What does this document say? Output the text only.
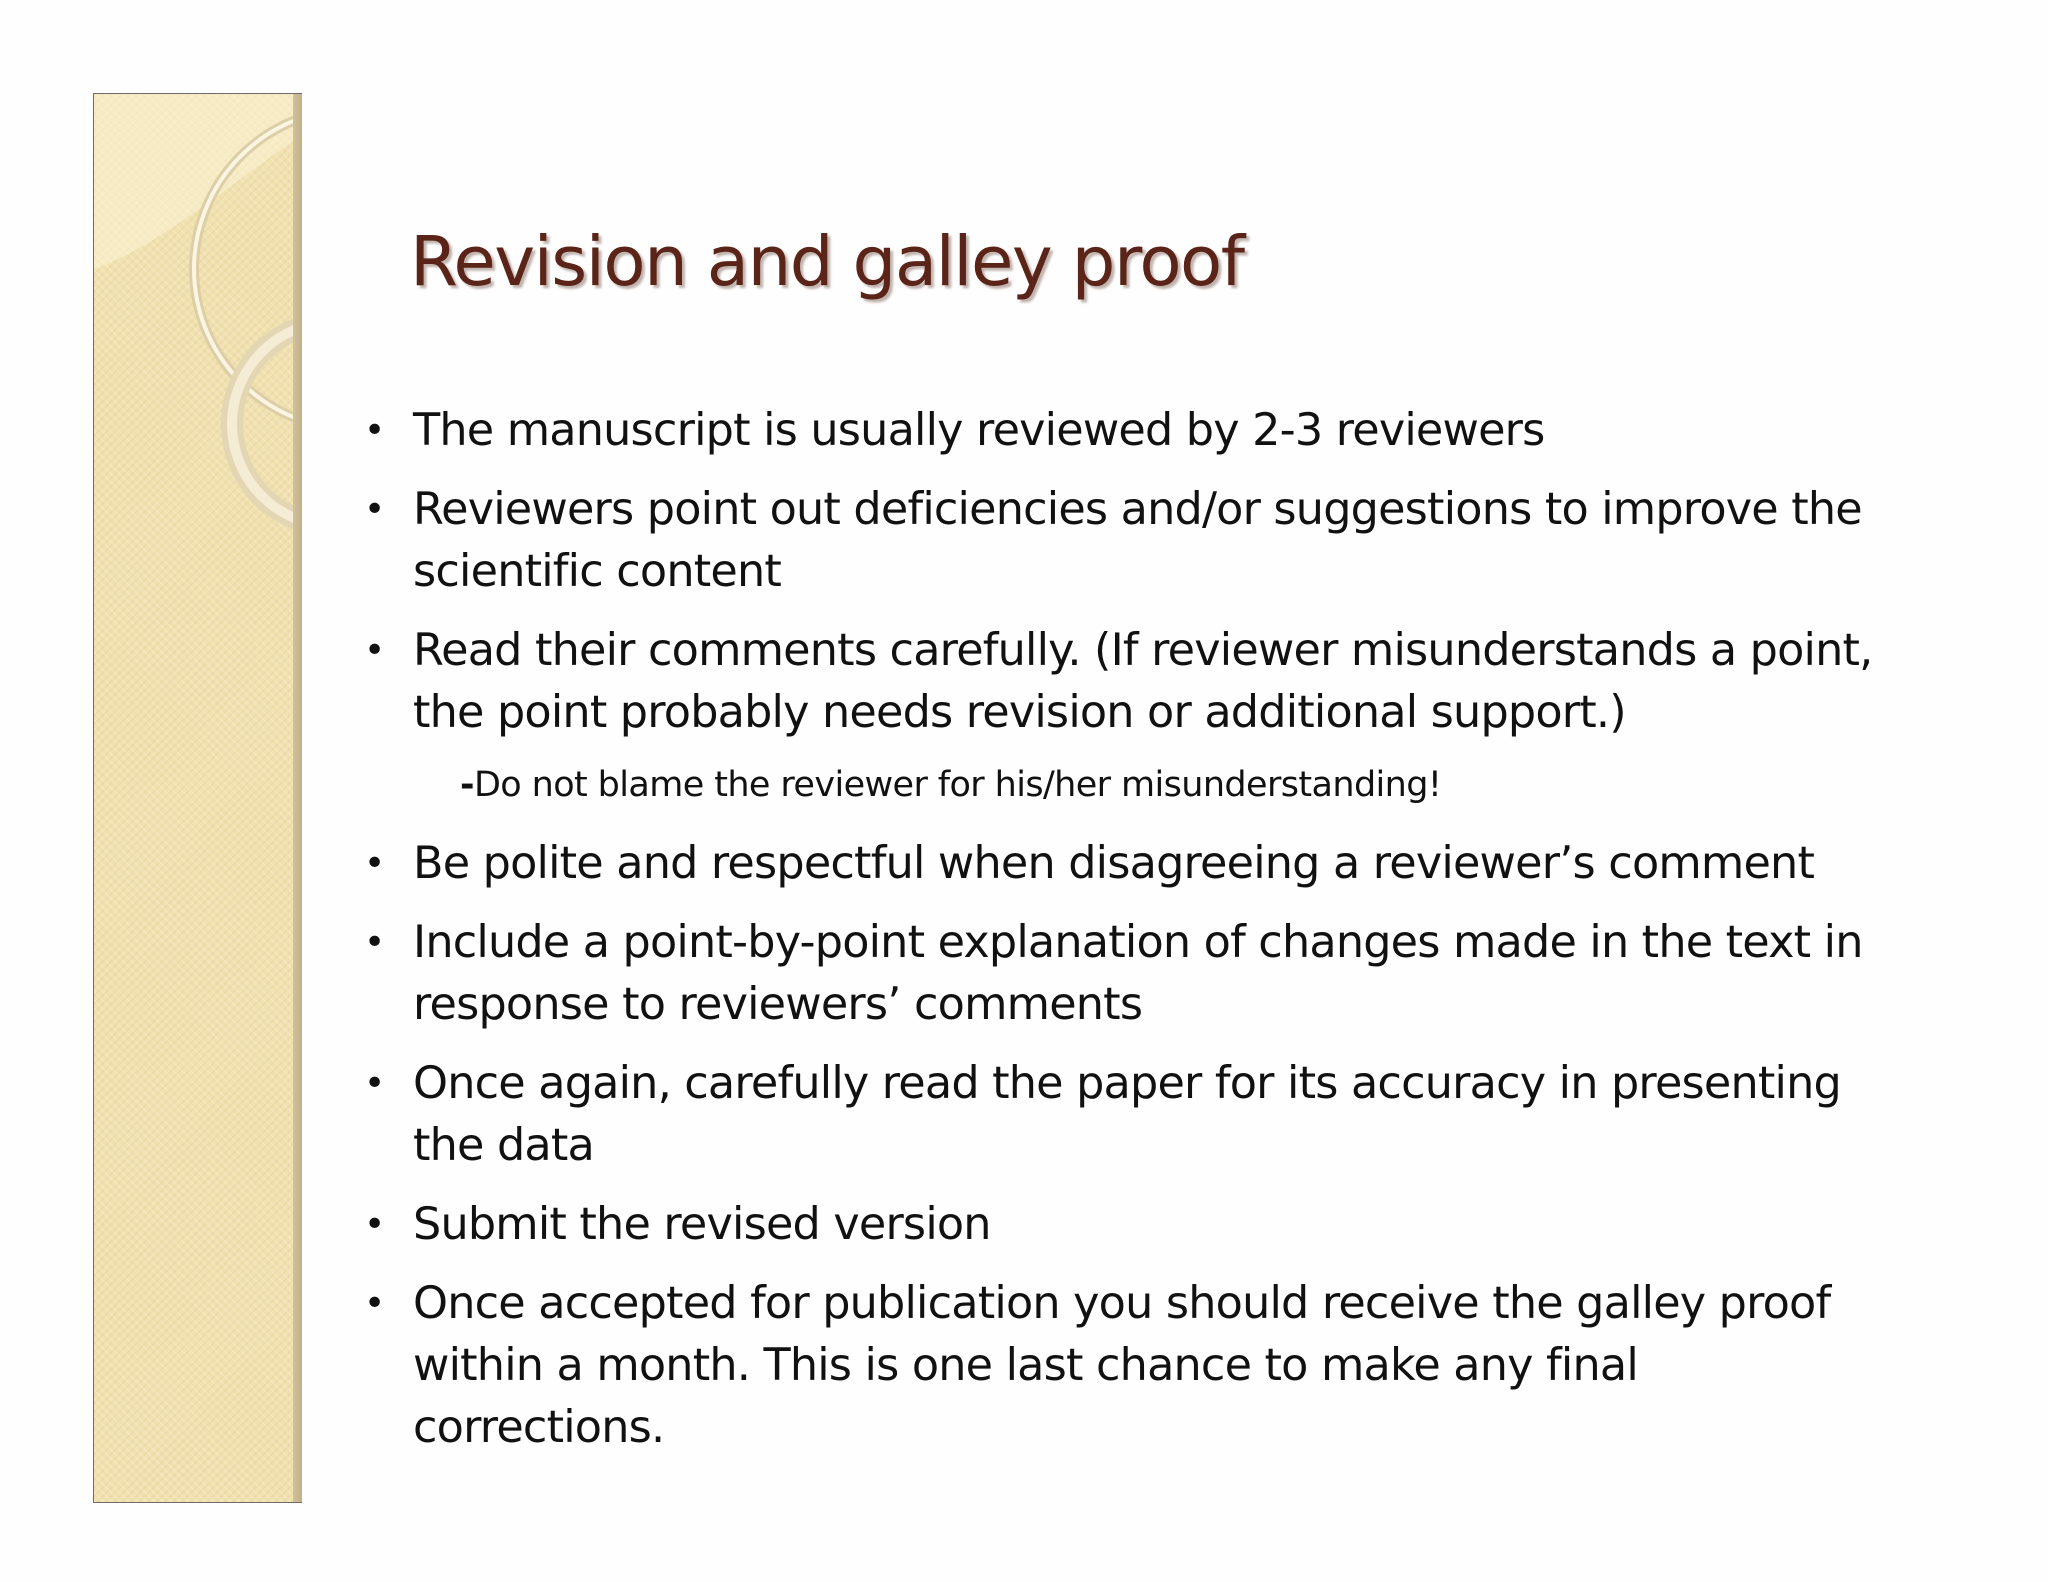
Revision and galley proof
• The manuscript is usually reviewed by 2-3 reviewers
• Reviewers point out deficiencies and/or suggestions to improve the scientific content
• Read their comments carefully. (If reviewer misunderstands a point, the point probably needs revision or additional support.)
-Do not blame the reviewer for his/her misunderstanding!
• Be polite and respectful when disagreeing a reviewer’s comment
• Include a point-by-point explanation of changes made in the text in response to reviewers’ comments
• Once again, carefully read the paper for its accuracy in presenting the data
• Submit the revised version
• Once accepted for publication you should receive the galley proof within a month. This is one last chance to make any final corrections.
